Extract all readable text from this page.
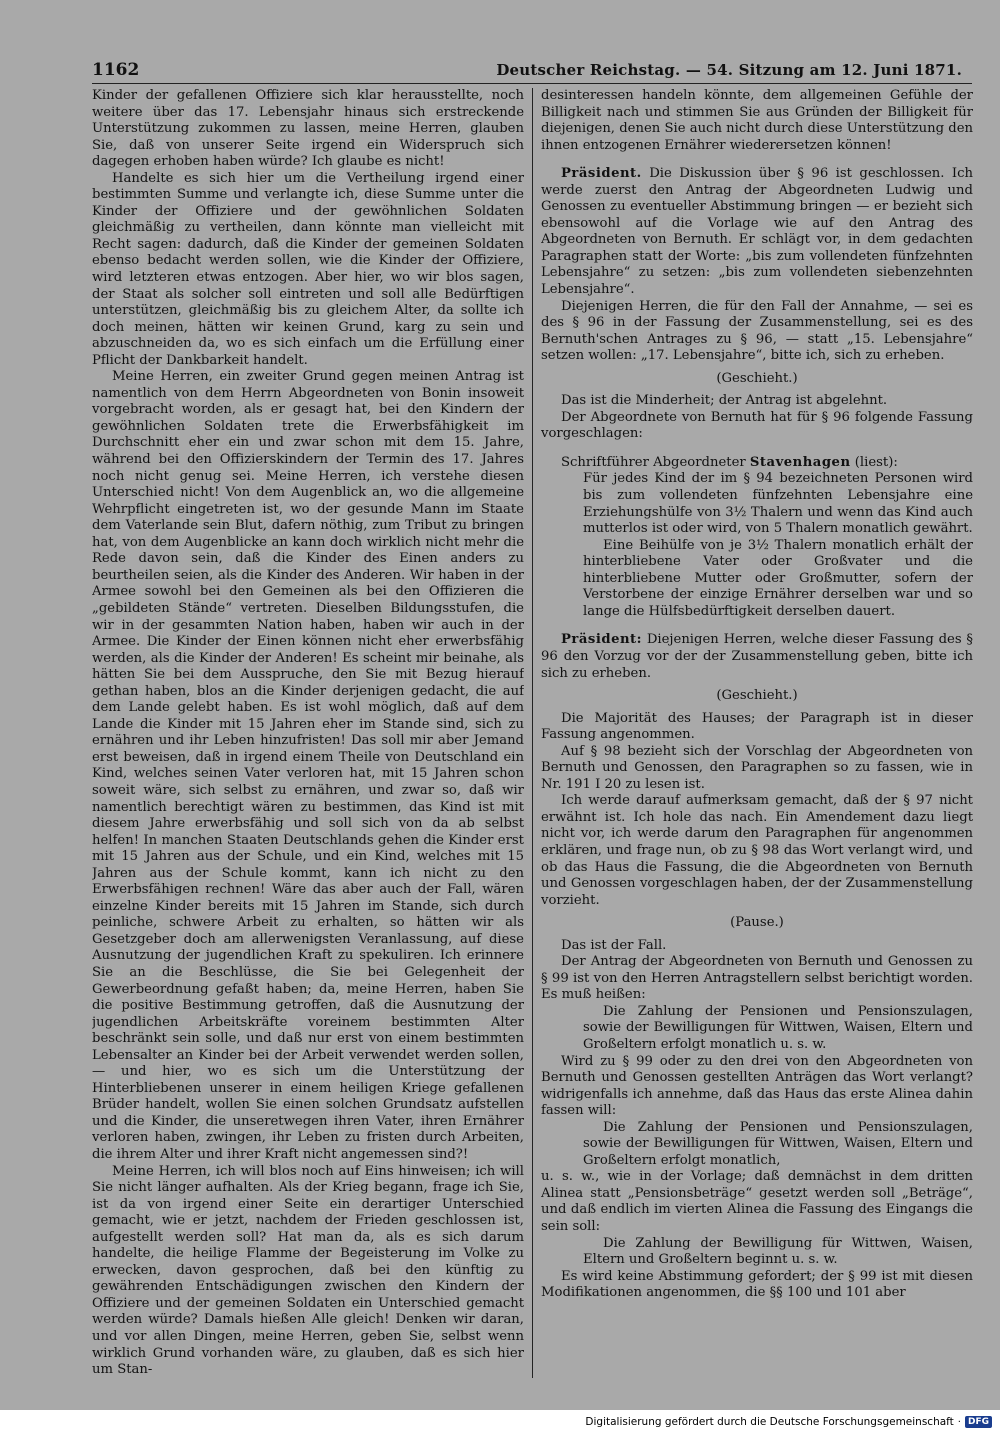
1162	Deutscher Reichstag. — 54. Sitzung am 12. Juni 1871.

Kinder der gefallenen Offiziere sich klar herausstellte, noch weitere über das 17. Lebensjahr hinaus sich erstreckende Unterstützung zukommen zu lassen, meine Herren, glauben Sie, daß von unserer Seite irgend ein Widerspruch sich dagegen erhoben haben würde? Ich glaube es nicht!

Handelte es sich hier um die Vertheilung irgend einer bestimmten Summe und verlangte ich, diese Summe unter die Kinder der Offiziere und der gewöhnlichen Soldaten gleichmäßig zu vertheilen, dann könnte man vielleicht mit Recht sagen: dadurch, daß die Kinder der gemeinen Soldaten ebenso bedacht werden sollen, wie die Kinder der Offiziere, wird letzteren etwas entzogen. Aber hier, wo wir blos sagen, der Staat als solcher soll eintreten und soll alle Bedürftigen unterstützen, gleichmäßig bis zu gleichem Alter, da sollte ich doch meinen, hätten wir keinen Grund, karg zu sein und abzuschneiden da, wo es sich einfach um die Erfüllung einer Pflicht der Dankbarkeit handelt.

Meine Herren, ein zweiter Grund gegen meinen Antrag ist namentlich von dem Herrn Abgeordneten von Bonin insoweit vorgebracht worden, als er gesagt hat, bei den Kindern der gewöhnlichen Soldaten trete die Erwerbsfähigkeit im Durchschnitt eher ein und zwar schon mit dem 15. Jahre, während bei den Offizierskindern der Termin des 17. Jahres noch nicht genug sei. Meine Herren, ich verstehe diesen Unterschied nicht! Von dem Augenblick an, wo die allgemeine Wehrpflicht eingetreten ist, wo der gesunde Mann im Staate dem Vaterlande sein Blut, dafern nöthig, zum Tribut zu bringen hat, von dem Augenblicke an kann doch wirklich nicht mehr die Rede davon sein, daß die Kinder des Einen anders zu beurtheilen seien, als die Kinder des Anderen. Wir haben in der Armee sowohl bei den Gemeinen als bei den Offizieren die „gebildeten Stände“ vertreten. Dieselben Bildungsstufen, die wir in der gesammten Nation haben, haben wir auch in der Armee. Die Kinder der Einen können nicht eher erwerbsfähig werden, als die Kinder der Anderen! Es scheint mir beinahe, als hätten Sie bei dem Ausspruche, den Sie mit Bezug hierauf gethan haben, blos an die Kinder derjenigen gedacht, die auf dem Lande gelebt haben. Es ist wohl möglich, daß auf dem Lande die Kinder mit 15 Jahren eher im Stande sind, sich zu ernähren und ihr Leben hinzufristen! Das soll mir aber Jemand erst beweisen, daß in irgend einem Theile von Deutschland ein Kind, welches seinen Vater verloren hat, mit 15 Jahren schon soweit wäre, sich selbst zu ernähren, und zwar so, daß wir namentlich berechtigt wären zu bestimmen, das Kind ist mit diesem Jahre erwerbsfähig und soll sich von da ab selbst helfen! In manchen Staaten Deutschlands gehen die Kinder erst mit 15 Jahren aus der Schule, und ein Kind, welches mit 15 Jahren aus der Schule kommt, kann ich nicht zu den Erwerbsfähigen rechnen! Wäre das aber auch der Fall, wären einzelne Kinder bereits mit 15 Jahren im Stande, sich durch peinliche, schwere Arbeit zu erhalten, so hätten wir als Gesetzgeber doch am allerwenigsten Veranlassung, auf diese Ausnutzung der jugendlichen Kraft zu spekuliren. Ich erinnere Sie an die Beschlüsse, die Sie bei Gelegenheit der Gewerbeordnung gefaßt haben; da, meine Herren, haben Sie die positive Bestimmung getroffen, daß die Ausnutzung der jugendlichen Arbeitskräfte voreinem bestimmten Alter beschränkt sein solle, und daß nur erst von einem bestimmten Lebensalter an Kinder bei der Arbeit verwendet werden sollen, — und hier, wo es sich um die Unterstützung der Hinterbliebenen unserer in einem heiligen Kriege gefallenen Brüder handelt, wollen Sie einen solchen Grundsatz aufstellen und die Kinder, die unseretwegen ihren Vater, ihren Ernährer verloren haben, zwingen, ihr Leben zu fristen durch Arbeiten, die ihrem Alter und ihrer Kraft nicht angemessen sind?!

Meine Herren, ich will blos noch auf Eins hinweisen; ich will Sie nicht länger aufhalten. Als der Krieg begann, frage ich Sie, ist da von irgend einer Seite ein derartiger Unterschied gemacht, wie er jetzt, nachdem der Frieden geschlossen ist, aufgestellt werden soll? Hat man da, als es sich darum handelte, die heilige Flamme der Begeisterung im Volke zu erwecken, davon gesprochen, daß bei den künftig zu gewährenden Entschädigungen zwischen den Kindern der Offiziere und der gemeinen Soldaten ein Unterschied gemacht werden würde? Damals hießen Alle gleich! Denken wir daran, und vor allen Dingen, meine Herren, geben Sie, selbst wenn wirklich Grund vorhanden wäre, zu glauben, daß es sich hier um Stan-

desinteressen handeln könnte, dem allgemeinen Gefühle der Billigkeit nach und stimmen Sie aus Gründen der Billigkeit für diejenigen, denen Sie auch nicht durch diese Unterstützung den ihnen entzogenen Ernährer wiederersetzen können!

Präsident. Die Diskussion über § 96 ist geschlossen. Ich werde zuerst den Antrag der Abgeordneten Ludwig und Genossen zu eventueller Abstimmung bringen — er bezieht sich ebensowohl auf die Vorlage wie auf den Antrag des Abgeordneten von Bernuth. Er schlägt vor, in dem gedachten Paragraphen statt der Worte: „bis zum vollendeten fünfzehnten Lebensjahre“ zu setzen: „bis zum vollendeten siebenzehnten Lebensjahre“.

Diejenigen Herren, die für den Fall der Annahme, — sei es des § 96 in der Fassung der Zusammenstellung, sei es des Bernuth'schen Antrages zu § 96, — statt „15. Lebensjahre“ setzen wollen: „17. Lebensjahre“, bitte ich, sich zu erheben.

(Geschieht.)

Das ist die Minderheit; der Antrag ist abgelehnt.

Der Abgeordnete von Bernuth hat für § 96 folgende Fassung vorgeschlagen:

Schriftführer Abgeordneter Stavenhagen (liest):

Für jedes Kind der im § 94 bezeichneten Personen wird bis zum vollendeten fünfzehnten Lebensjahre eine Erziehungshülfe von 3½ Thalern und wenn das Kind auch mutterlos ist oder wird, von 5 Thalern monatlich gewährt.

Eine Beihülfe von je 3½ Thalern monatlich erhält der hinterbliebene Vater oder Großvater und die hinterbliebene Mutter oder Großmutter, sofern der Verstorbene der einzige Ernährer derselben war und so lange die Hülfsbedürftigkeit derselben dauert.

Präsident: Diejenigen Herren, welche dieser Fassung des § 96 den Vorzug vor der der Zusammenstellung geben, bitte ich sich zu erheben.

(Geschieht.)

Die Majorität des Hauses; der Paragraph ist in dieser Fassung angenommen.

Auf § 98 bezieht sich der Vorschlag der Abgeordneten von Bernuth und Genossen, den Paragraphen so zu fassen, wie in Nr. 191 I 20 zu lesen ist.

Ich werde darauf aufmerksam gemacht, daß der § 97 nicht erwähnt ist. Ich hole das nach. Ein Amendement dazu liegt nicht vor, ich werde darum den Paragraphen für angenommen erklären, und frage nun, ob zu § 98 das Wort verlangt wird, und ob das Haus die Fassung, die die Abgeordneten von Bernuth und Genossen vorgeschlagen haben, der der Zusammenstellung vorzieht.

(Pause.)

Das ist der Fall.

Der Antrag der Abgeordneten von Bernuth und Genossen zu § 99 ist von den Herren Antragstellern selbst berichtigt worden. Es muß heißen:

Die Zahlung der Pensionen und Pensionszulagen, sowie der Bewilligungen für Wittwen, Waisen, Eltern und Großeltern erfolgt monatlich u. s. w.

Wird zu § 99 oder zu den drei von den Abgeordneten von Bernuth und Genossen gestellten Anträgen das Wort verlangt? widrigenfalls ich annehme, daß das Haus das erste Alinea dahin fassen will:

Die Zahlung der Pensionen und Pensionszulagen, sowie der Bewilligungen für Wittwen, Waisen, Eltern und Großeltern erfolgt monatlich,

u. s. w., wie in der Vorlage; daß demnächst in dem dritten Alinea statt „Pensionsbeträge“ gesetzt werden soll „Beträge“, und daß endlich im vierten Alinea die Fassung des Eingangs die sein soll:

Die Zahlung der Bewilligung für Wittwen, Waisen, Eltern und Großeltern beginnt u. s. w.

Es wird keine Abstimmung gefordert; der § 99 ist mit diesen Modifikationen angenommen, die §§ 100 und 101 aber

Digitalisierung gefördert durch die Deutsche Forschungsgemeinschaft · DFG
